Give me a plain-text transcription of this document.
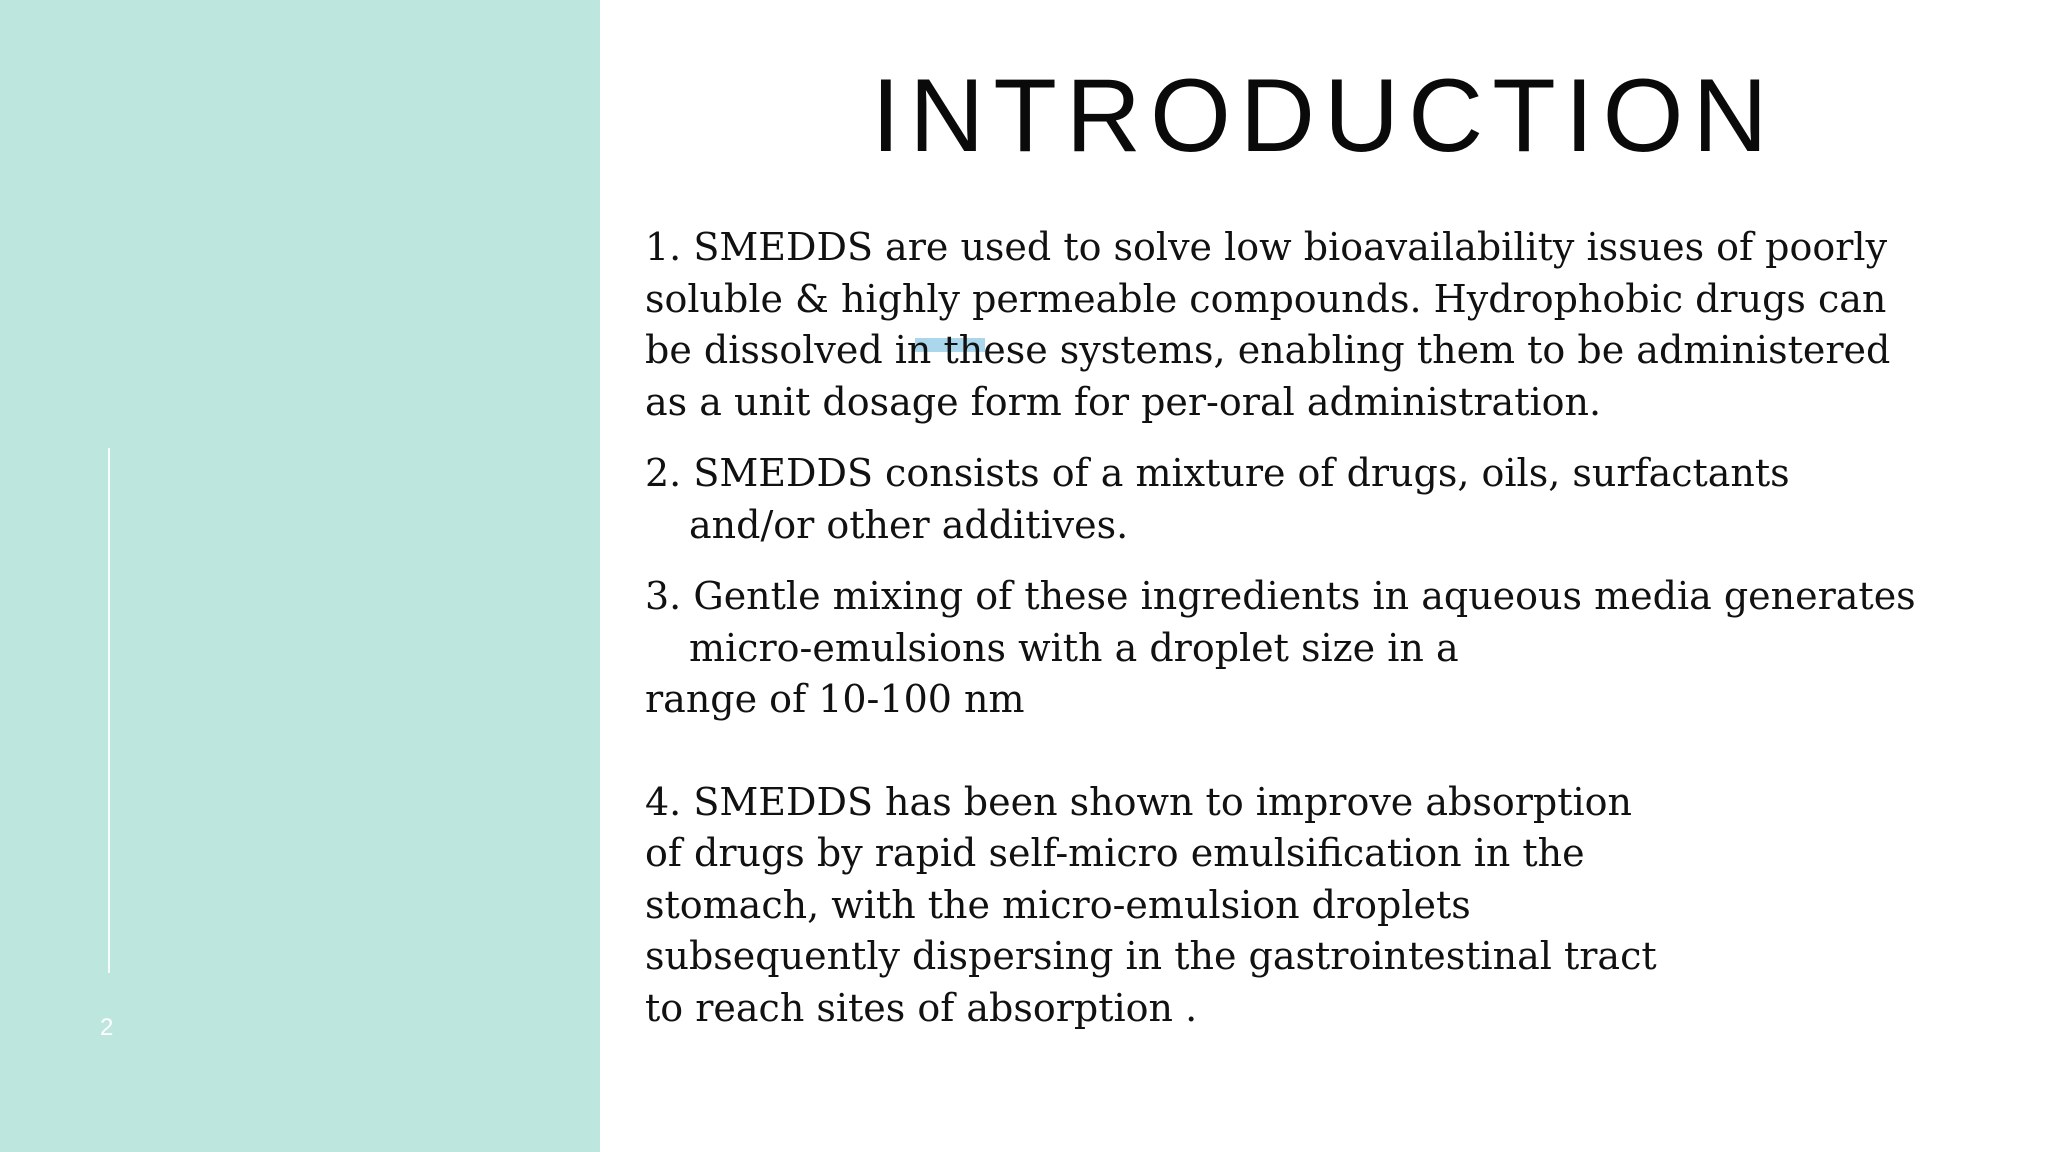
2
INTRODUCTION
1. SMEDDS are used to solve low bioavailability issues of poorly
soluble & highly permeable compounds. Hydrophobic drugs can
be dissolved in these systems, enabling them to be administered
as a unit dosage form for per-oral administration.
2. SMEDDS consists of a mixture of drugs, oils, surfactants
and/or other additives.
3. Gentle mixing of these ingredients in aqueous media generates
micro-emulsions with a droplet size in a
range of 10-100 nm
4. SMEDDS has been shown to improve absorption
of drugs by rapid self-micro emulsification in the
stomach, with the micro-emulsion droplets
subsequently dispersing in the gastrointestinal tract
to reach sites of absorption .
